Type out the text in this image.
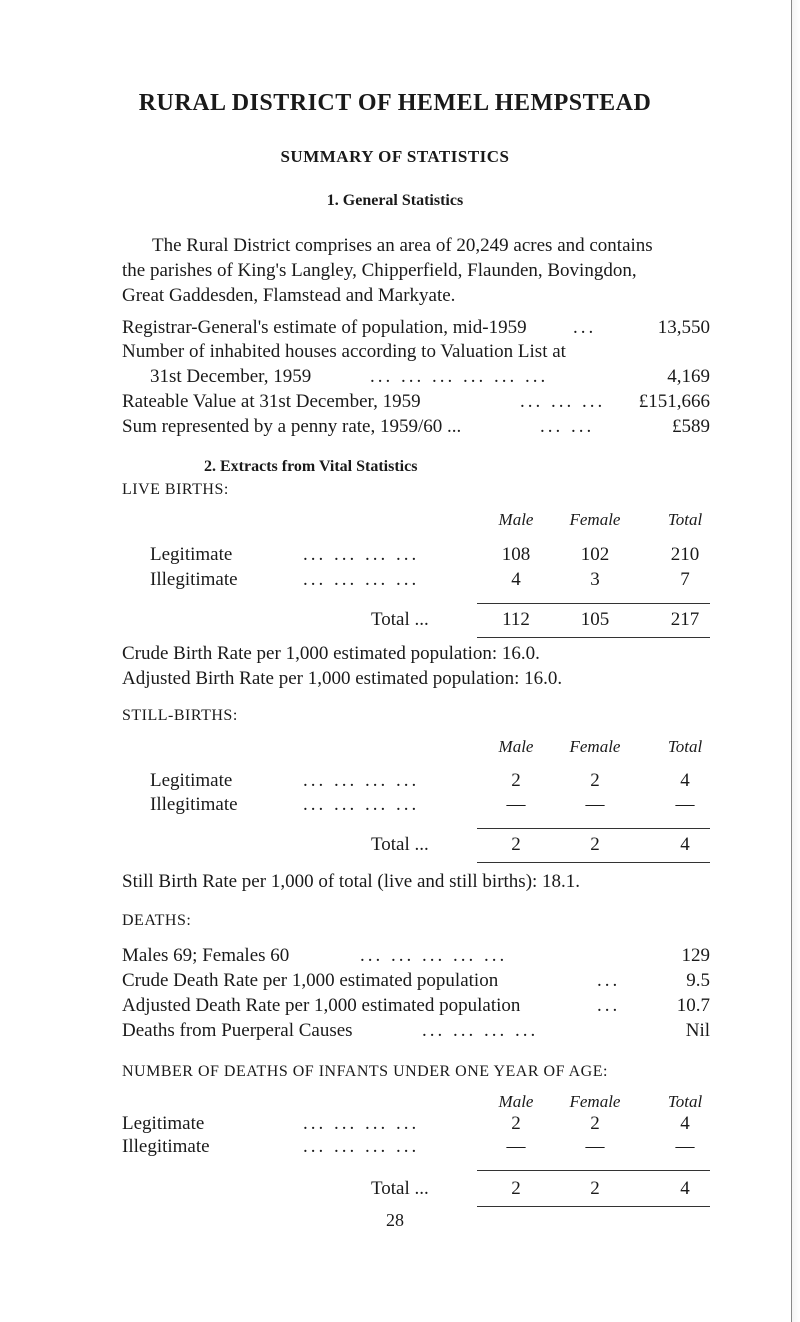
RURAL DISTRICT OF HEMEL HEMPSTEAD
SUMMARY OF STATISTICS
1. General Statistics
The Rural District comprises an area of 20,249 acres and contains
the parishes of King's Langley, Chipperfield, Flaunden, Bovingdon,
Great Gaddesden, Flamstead and Markyate.
Registrar-General's estimate of population, mid-1959 ...	13,550
Number of inhabited houses according to Valuation List at
31st December, 1959	... ... ... ... ... ...	4,169
Rateable Value at 31st December, 1959	... ... ... £151,666
Sum represented by a penny rate, 1959/60 ...	... ...	£589
2. Extracts from Vital Statistics
LIVE BIRTHS:
Male	Female	Total
Legitimate	... ... ... ...	108	102	210
Illegitimate	... ... ... ...	4	3	7
Total ...	112	105	217
Crude Birth Rate per 1,000 estimated population: 16.0.
Adjusted Birth Rate per 1,000 estimated population: 16.0.
STILL-BIRTHS:
Male	Female	Total
Legitimate	... ... ... ...	2	2	4
Illegitimate	... ... ... ...	—	—	—
Total ...	2	2	4
Still Birth Rate per 1,000 of total (live and still births): 18.1.
DEATHS:
Males 69; Females 60	... ... ... ... ...	129
Crude Death Rate per 1,000 estimated population	...	9.5
Adjusted Death Rate per 1,000 estimated population	...	10.7
Deaths from Puerperal Causes	... ... ... ...	Nil
NUMBER OF DEATHS OF INFANTS UNDER ONE YEAR OF AGE:
Male	Female	Total
Legitimate	... ... ... ...	2	2	4
Illegitimate	... ... ... ...	—	—	—
Total ...	2	2	4
28
